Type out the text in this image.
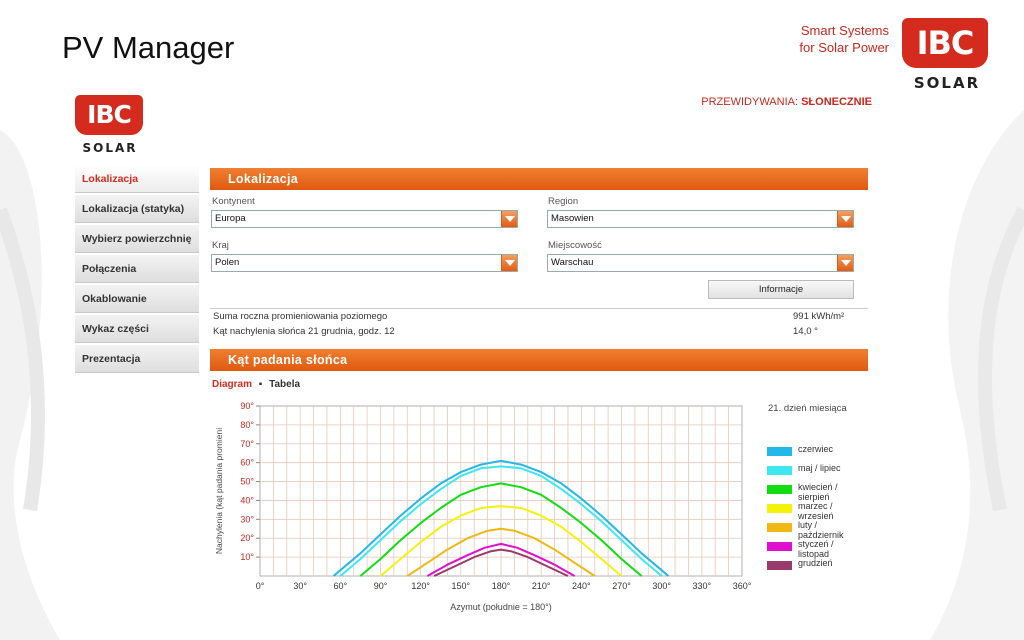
PV Manager	Smart Systems
for Solar Power IBC
SOLAR
IBC
SOLAR
PRZEWIDYWANIA: SŁONECZNIE
Lokalizacja
Lokalizacja (statyka)
Wybierz powierzchnię
Połączenia
Okablowanie
Wykaz części
Prezentacja
Lokalizacja
Kontynent
Europa
Region
Masowien
Kraj
Polen
Miejscowość
Warschau
Informacje
Suma roczna promieniowania poziomego	991 kWh/m²
Kąt nachylenia słońca 21 grudnia, godz. 12	14,0 °
Kąt padania słońca
Diagram ▪ Tabela
10°
20°
30°
40°
50°
60°
70°
80°
90°
0°	30°	60°	90°	120° 150° 180° 210° 240° 270° 300° 330° 360°
Azymut (południe = 180°)
Nachylenia (kąt padania promieni
21. dzień miesiąca
czerwiec
maj / lipiec
kwiecień / sierpień
marzec / wrzesień
luty / październik
styczeń / listopad
grudzień
